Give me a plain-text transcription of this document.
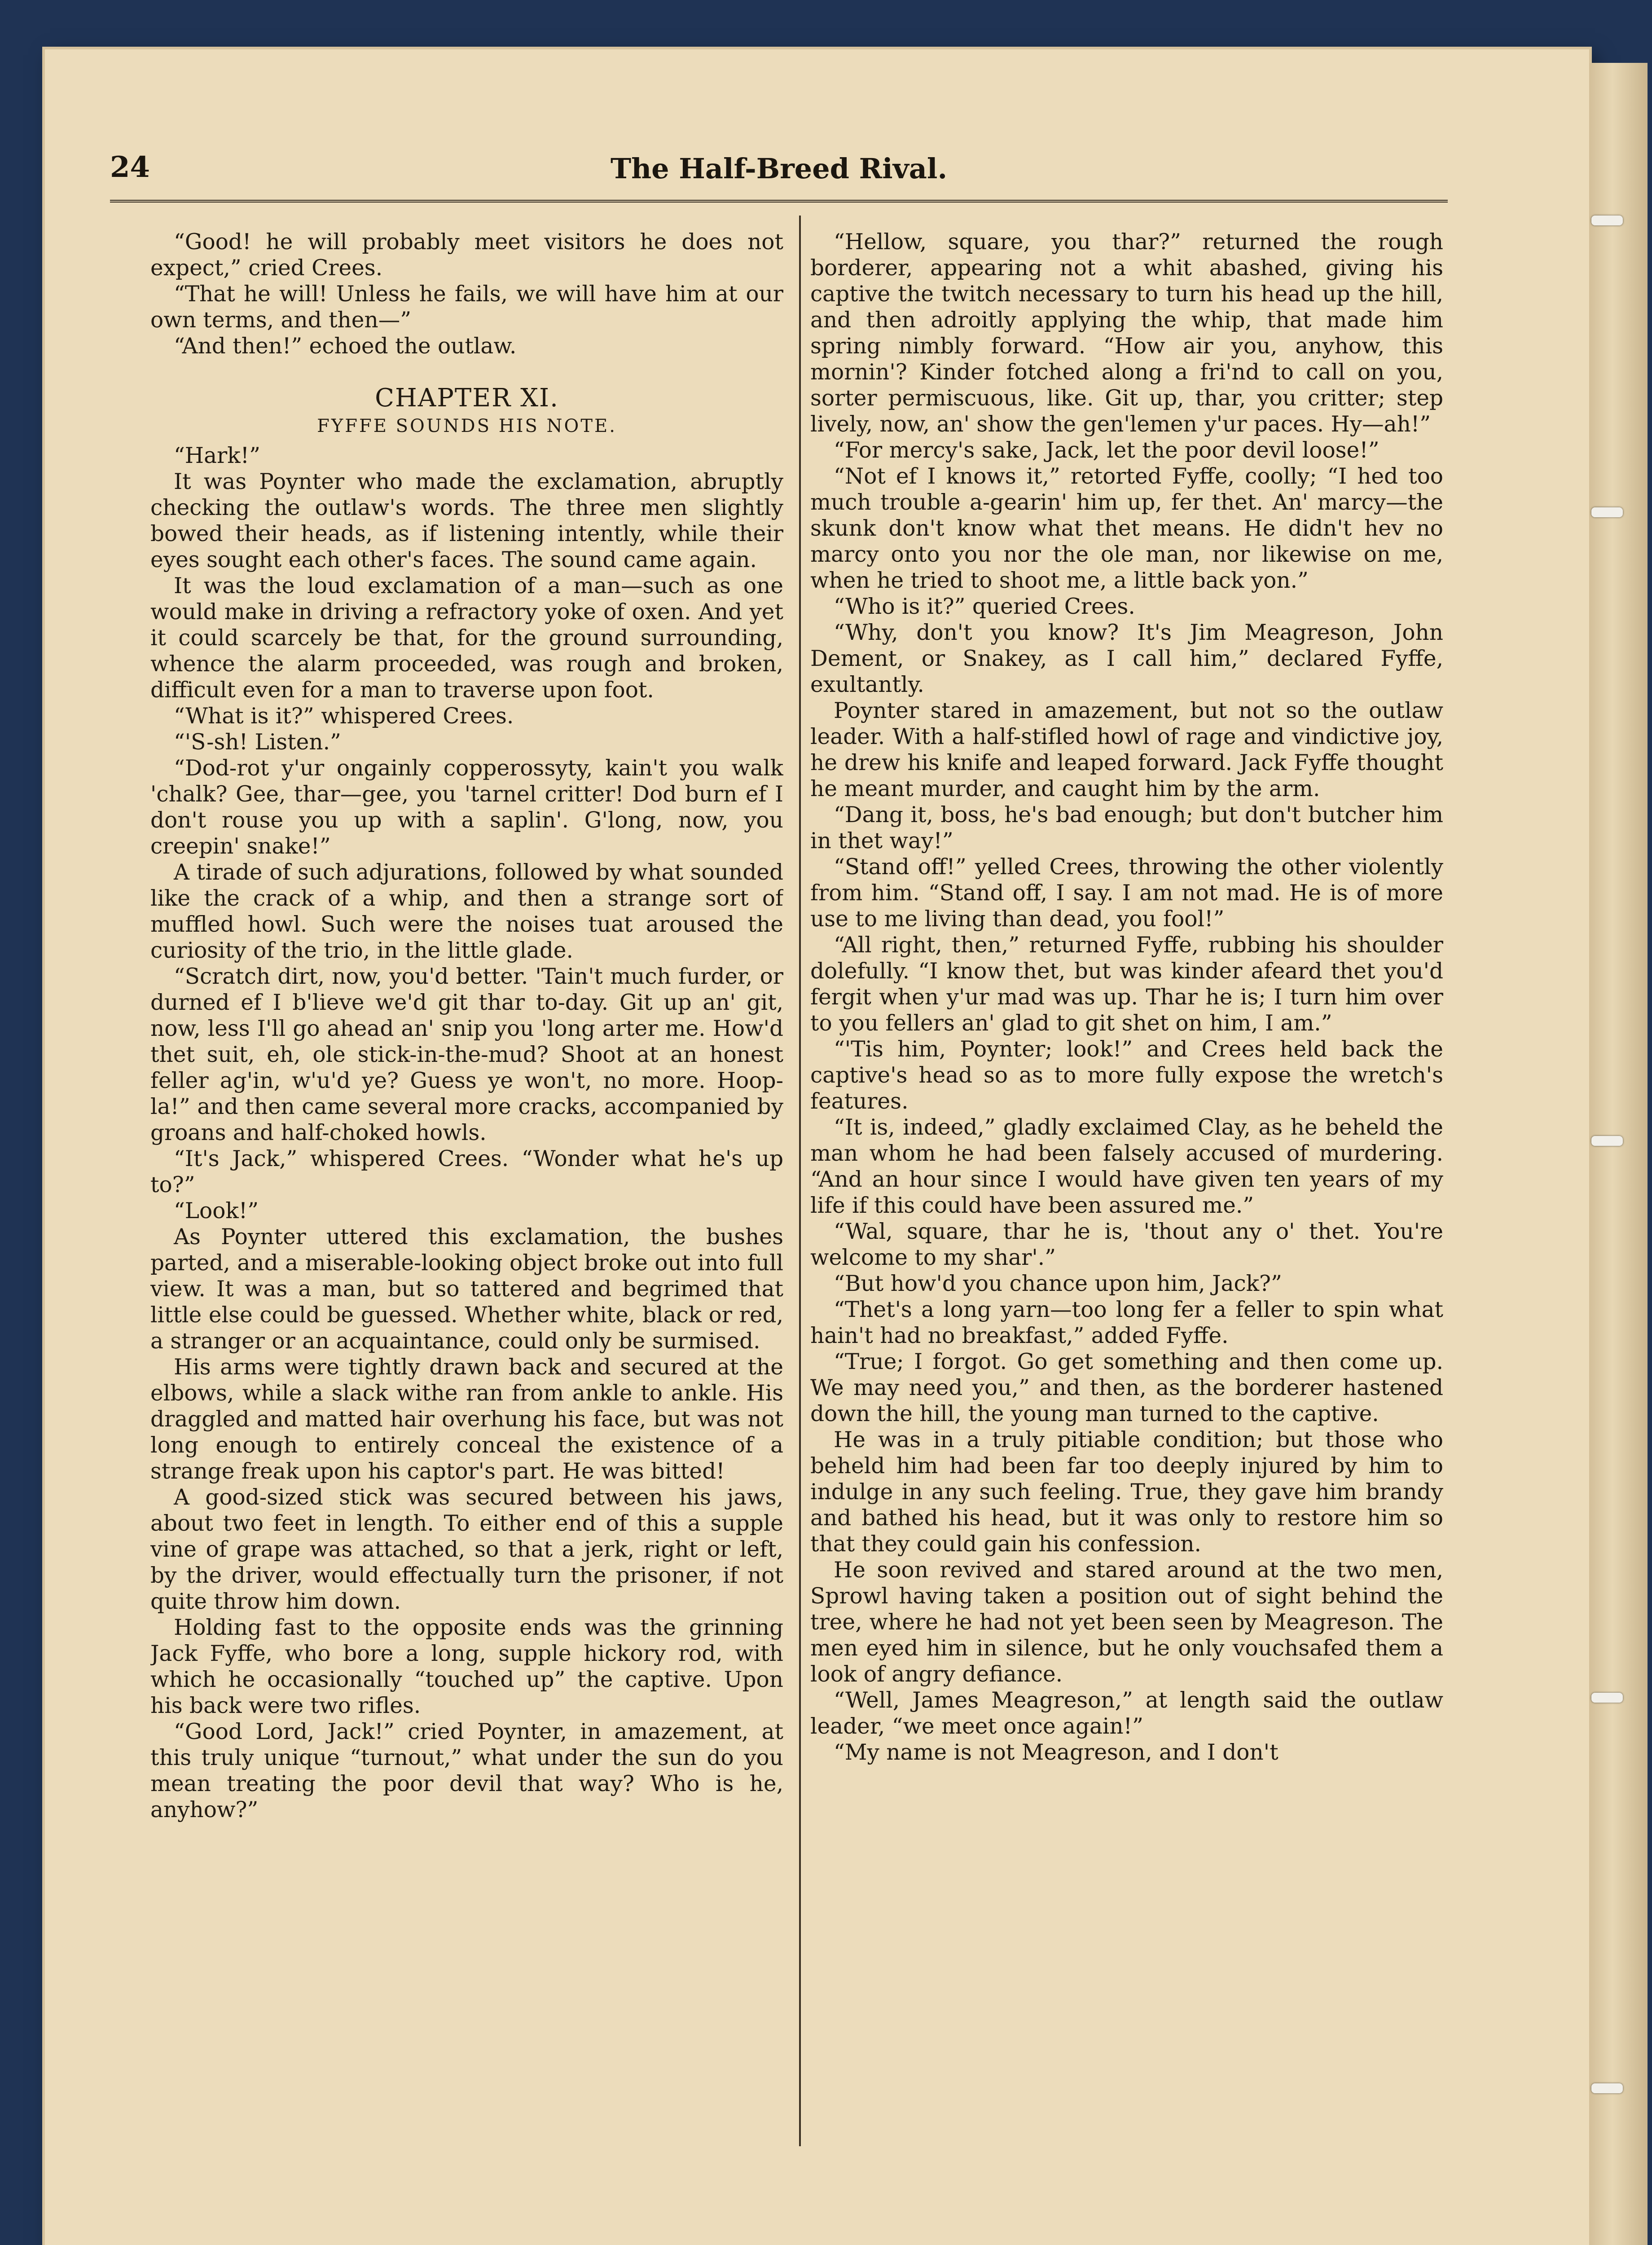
24	The Half-Breed Rival.

“Good! he will probably meet visitors he does not expect,” cried Crees.

“That he will! Unless he fails, we will have him at our own terms, and then—”

“And then!” echoed the outlaw.

CHAPTER XI.
FYFFE SOUNDS HIS NOTE.

“Hark!”

It was Poynter who made the exclamation, abruptly checking the outlaw's words. The three men slightly bowed their heads, as if listening intently, while their eyes sought each other's faces. The sound came again.

It was the loud exclamation of a man—such as one would make in driving a refractory yoke of oxen. And yet it could scarcely be that, for the ground surrounding, whence the alarm proceeded, was rough and broken, difficult even for a man to traverse upon foot.

“What is it?” whispered Crees.

“'S-sh! Listen.”

“Dod-rot y'ur ongainly copperossyty, kain't you walk 'chalk? Gee, thar—gee, you 'tarnel critter! Dod burn ef I don't rouse you up with a saplin'. G'long, now, you creepin' snake!”

A tirade of such adjurations, followed by what sounded like the crack of a whip, and then a strange sort of muffled howl. Such were the noises tuat aroused the curiosity of the trio, in the little glade.

“Scratch dirt, now, you'd better. 'Tain't much furder, or durned ef I b'lieve we'd git thar to-day. Git up an' git, now, less I'll go ahead an' snip you 'long arter me. How'd thet suit, eh, ole stick-in-the-mud? Shoot at an honest feller ag'in, w'u'd ye? Guess ye won't, no more. Hoop-la!” and then came several more cracks, accompanied by groans and half-choked howls.

“It's Jack,” whispered Crees. “Wonder what he's up to?”

“Look!”

As Poynter uttered this exclamation, the bushes parted, and a miserable-looking object broke out into full view. It was a man, but so tattered and begrimed that little else could be guessed. Whether white, black or red, a stranger or an acquaintance, could only be surmised.

His arms were tightly drawn back and secured at the elbows, while a slack withe ran from ankle to ankle. His draggled and matted hair overhung his face, but was not long enough to entirely conceal the existence of a strange freak upon his captor's part. He was bitted!

A good-sized stick was secured between his jaws, about two feet in length. To either end of this a supple vine of grape was attached, so that a jerk, right or left, by the driver, would effectually turn the prisoner, if not quite throw him down.

Holding fast to the opposite ends was the grinning Jack Fyffe, who bore a long, supple hickory rod, with which he occasionally “touched up” the captive. Upon his back were two rifles.

“Good Lord, Jack!” cried Poynter, in amazement, at this truly unique “turnout,” what under the sun do you mean treating the poor devil that way? Who is he, anyhow?”

“Hellow, square, you thar?” returned the rough borderer, appearing not a whit abashed, giving his captive the twitch necessary to turn his head up the hill, and then adroitly applying the whip, that made him spring nimbly forward. “How air you, anyhow, this mornin'? Kinder fotched along a fri'nd to call on you, sorter permiscuous, like. Git up, thar, you critter; step lively, now, an' show the gen'lemen y'ur paces. Hy—ah!”

“For mercy's sake, Jack, let the poor devil loose!”

“Not ef I knows it,” retorted Fyffe, coolly; “I hed too much trouble a-gearin' him up, fer thet. An' marcy—the skunk don't know what thet means. He didn't hev no marcy onto you nor the ole man, nor likewise on me, when he tried to shoot me, a little back yon.”

“Who is it?” queried Crees.

“Why, don't you know? It's Jim Meagreson, John Dement, or Snakey, as I call him,” declared Fyffe, exultantly.

Poynter stared in amazement, but not so the outlaw leader. With a half-stifled howl of rage and vindictive joy, he drew his knife and leaped forward. Jack Fyffe thought he meant murder, and caught him by the arm.

“Dang it, boss, he's bad enough; but don't butcher him in thet way!”

“Stand off!” yelled Crees, throwing the other violently from him. “Stand off, I say. I am not mad. He is of more use to me living than dead, you fool!”

“All right, then,” returned Fyffe, rubbing his shoulder dolefully. “I know thet, but was kinder afeard thet you'd fergit when y'ur mad was up. Thar he is; I turn him over to you fellers an' glad to git shet on him, I am.”

“'Tis him, Poynter; look!” and Crees held back the captive's head so as to more fully expose the wretch's features.

“It is, indeed,” gladly exclaimed Clay, as he beheld the man whom he had been falsely accused of murdering. “And an hour since I would have given ten years of my life if this could have been assured me.”

“Wal, square, thar he is, 'thout any o' thet. You're welcome to my shar'.”

“But how'd you chance upon him, Jack?”

“Thet's a long yarn—too long fer a feller to spin what hain't had no breakfast,” added Fyffe.

“True; I forgot. Go get something and then come up. We may need you,” and then, as the borderer hastened down the hill, the young man turned to the captive.

He was in a truly pitiable condition; but those who beheld him had been far too deeply injured by him to indulge in any such feeling. True, they gave him brandy and bathed his head, but it was only to restore him so that they could gain his confession.

He soon revived and stared around at the two men, Sprowl having taken a position out of sight behind the tree, where he had not yet been seen by Meagreson. The men eyed him in silence, but he only vouchsafed them a look of angry defiance.

“Well, James Meagreson,” at length said the outlaw leader, “we meet once again!”

“My name is not Meagreson, and I don't
